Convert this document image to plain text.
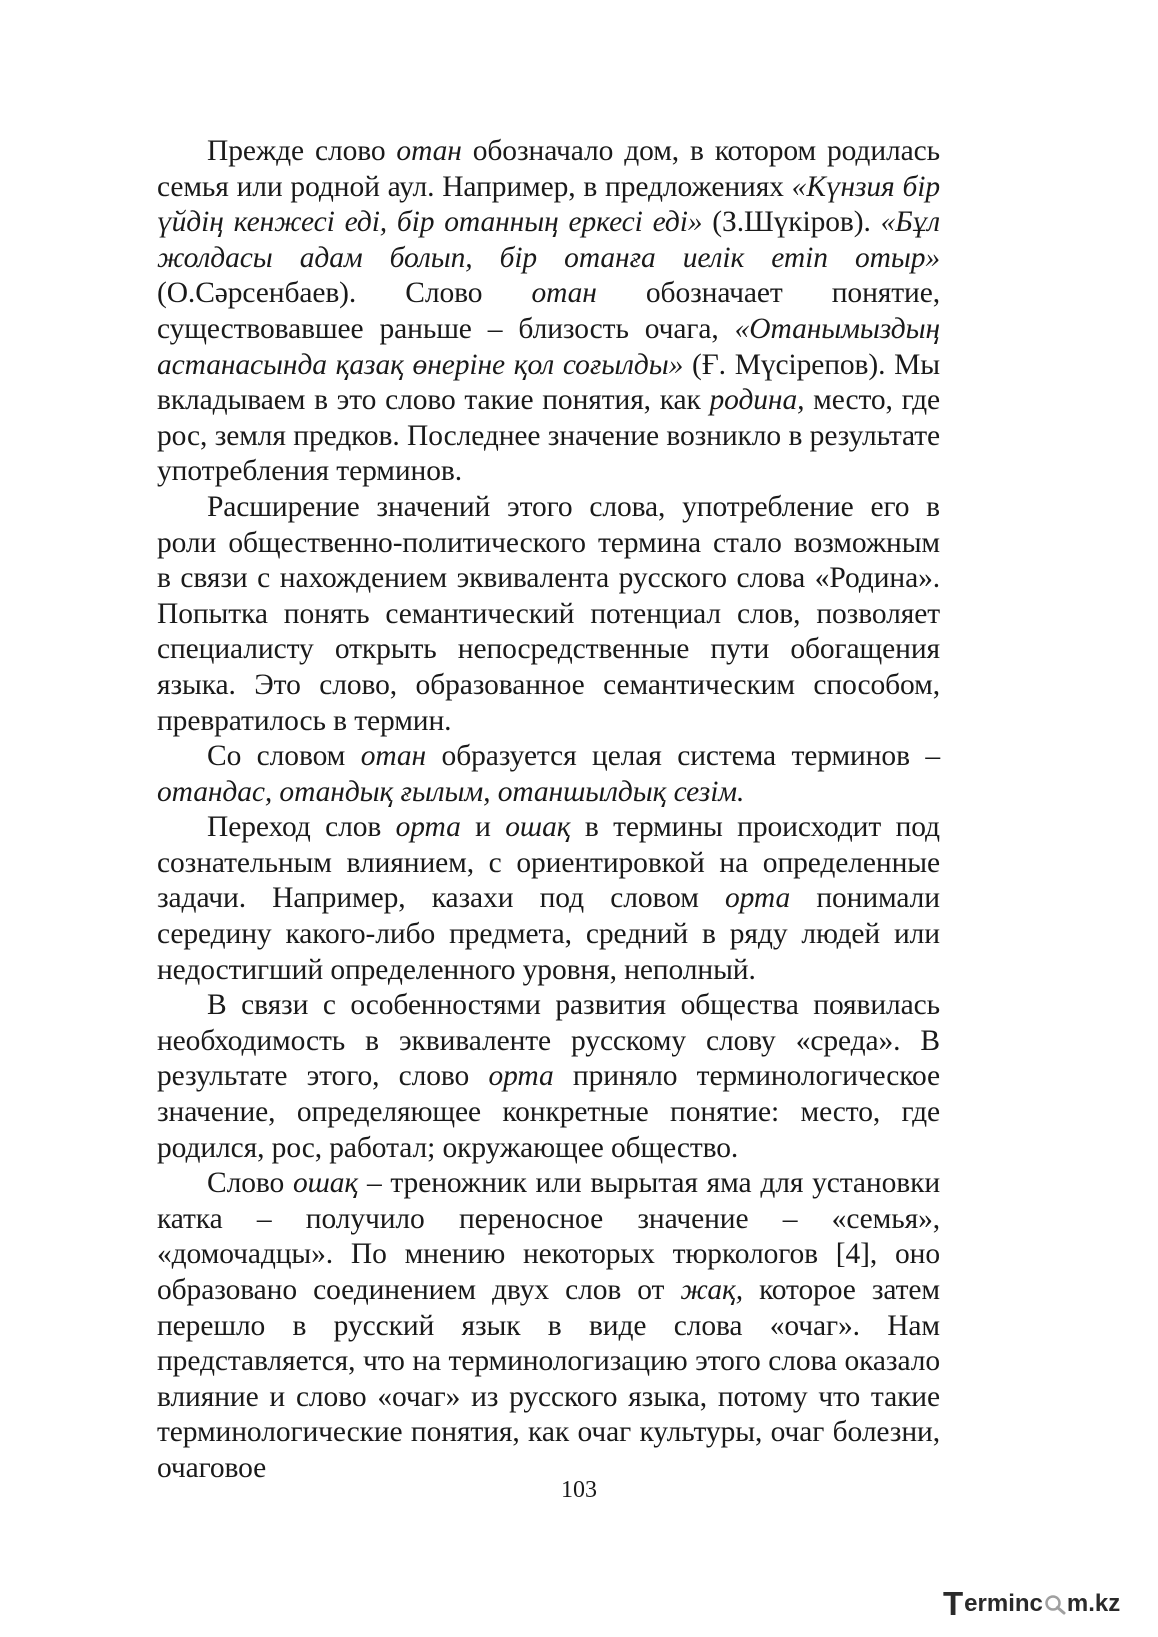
Прежде слово отан обозначало дом, в котором родилась семья или родной аул. Например, в предложениях «Күнзия бір үйдің кенжесі еді, бір отанның еркесі еді» (З.Шүкіров). «Бұл жолдасы адам болып, бір отанға иелік етіп отыр» (О.Сәрсенбаев). Слово отан обозначает понятие, существовавшее раньше – близость очага, «Отанымыздың астанасында қазақ өнеріне қол соғылды» (Ғ. Мүсірепов). Мы вкладываем в это слово такие понятия, как родина, место, где рос, земля предков. Последнее значение возникло в результате употребления терминов.

Расширение значений этого слова, употребление его в роли общественно-политического термина стало возможным в связи с нахождением эквивалента русского слова «Родина». Попытка понять семантический потенциал слов, позволяет специалисту открыть непосредственные пути обогащения языка. Это слово, образованное семантическим способом, превратилось в термин.

Со словом отан образуется целая система терминов – отандас, отандық ғылым, отаншылдық сезім.

Переход слов орта и ошақ в термины происходит под сознательным влиянием, с ориентировкой на определенные задачи. Например, казахи под словом орта понимали середину какого-либо предмета, средний в ряду людей или недостигший определенного уровня, неполный.

В связи с особенностями развития общества появилась необходимость в эквиваленте русскому слову «среда». В результате этого, слово орта приняло терминологическое значение, определяющее конкретные понятие: место, где родился, рос, работал; окружающее общество.

Слово ошақ – треножник или вырытая яма для установки катка – получило переносное значение – «семья», «домочадцы». По мнению некоторых тюркологов [4], оно образовано соединением двух слов от жақ, которое затем перешло в русский язык в виде слова «очаг». Нам представляется, что на терминологизацию этого слова оказало влияние и слово «очаг» из русского языка, потому что такие терминологические понятия, как очаг культуры, очаг болезни, очаговое

103
T erminc m.kz
